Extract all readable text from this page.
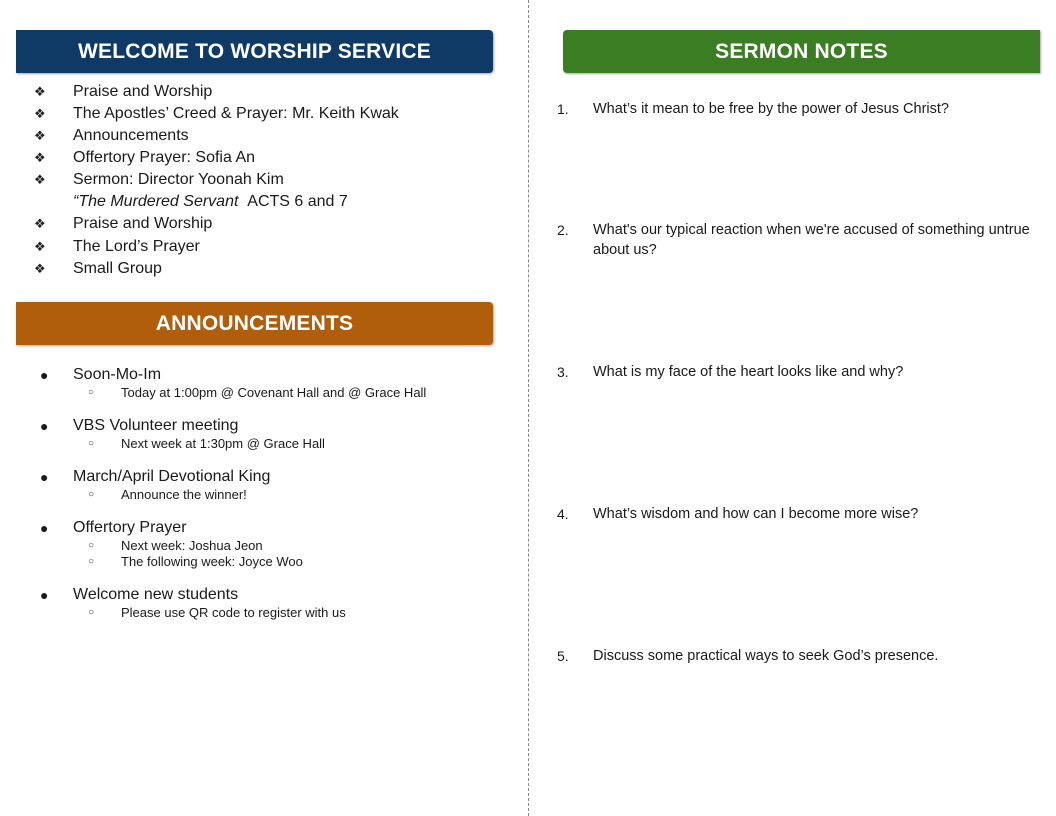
WELCOME TO WORSHIP SERVICE
❖	Praise and Worship
❖	The Apostles’ Creed & Prayer: Mr. Keith Kwak
❖	Announcements
❖	Offertory Prayer: Sofia An
❖	Sermon: Director Yoonah Kim
“The Murdered Servant
ACTS 6 and 7
❖	Praise and Worship
❖	The Lord’s Prayer
❖	Small Group
ANNOUNCEMENTS
●	Soon-Mo-Im
○	Today at 1:00pm @ Covenant Hall and @ Grace Hall
●	VBS Volunteer meeting
○	Next week at 1:30pm @ Grace Hall
●	March/April Devotional King
○	Announce the winner!
●	Offertory Prayer
○	Next week: Joshua Jeon
○	The following week: Joyce Woo
●	Welcome new students
○	Please use QR code to register with us
SERMON NOTES
1.	What’s it mean to be free by the power of Jesus Christ?
2.	What's our typical reaction when we're accused of something untrue about us?
3.	What is my face of the heart looks like and why?
4.	What’s wisdom and how can I become more wise?
5.	Discuss some practical ways to seek God’s presence.
